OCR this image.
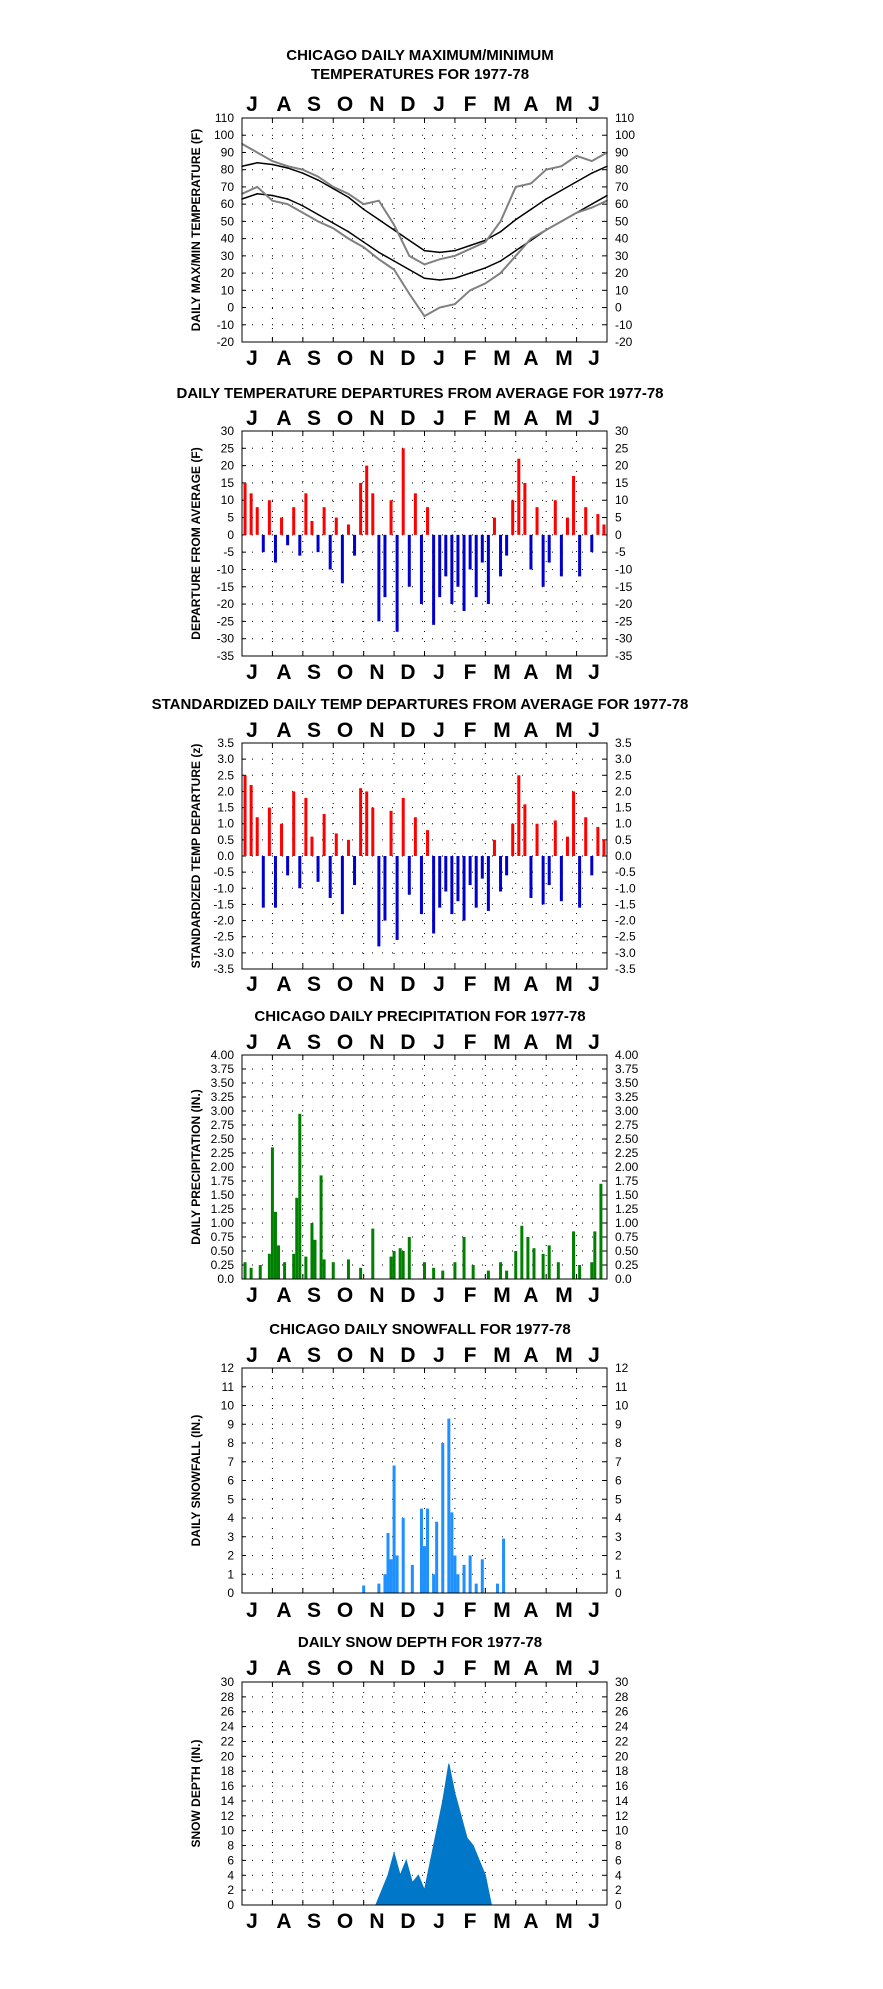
CHICAGO DAILY MAXIMUM/MINIMUM
TEMPERATURES FOR 1977-78
J
J
A
A
S
S
O
O
N
N
D
D
J
J
F
F
M
M
A
A
M
M
J
J
-20	-20
-10	-10
0	0
10	10
20	20
30	30
40	40
50	50
60	60
70	70
80	80
90	90
100	100
110	110
DAILY MAX/MIN TEMPERATURE (F)
DAILY TEMPERATURE DEPARTURES FROM AVERAGE FOR 1977-78
J
J
A
A
S
S
O
O
N
N
D
D
J
J
F
F
M
M
A
A
M
M
J
J
-35	-35
-30	-30
-25	-25
-20	-20
-15	-15
-10	-10
-5	-5
0	0
5	5
10	10
15	15
20	20
25	25
30	30
DEPARTURE FROM AVERAGE (F)
STANDARDIZED DAILY TEMP DEPARTURES FROM AVERAGE FOR 1977-78
J
J
A
A
S
S
O
O
N
N
D
D
J
J
F
F
M
M
A
A
M
M
J
J
-3.5	-3.5
-3.0	-3.0
-2.5	-2.5
-2.0	-2.0
-1.5	-1.5
-1.0	-1.0
-0.5	-0.5
0.0	0.0
0.5	0.5
1.0	1.0
1.5	1.5
2.0	2.0
2.5	2.5
3.0	3.0
3.5	3.5
STANDARDIZED TEMP DEPARTURE (z)
CHICAGO DAILY PRECIPITATION FOR 1977-78
J
J
A
A
S
S
O
O
N
N
D
D
J
J
F
F
M
M
A
A
M
M
J
J
0.0	0.0
0.25	0.25
0.50	0.50
0.75	0.75
1.00	1.00
1.25	1.25
1.50	1.50
1.75	1.75
2.00	2.00
2.25	2.25
2.50	2.50
2.75	2.75
3.00	3.00
3.25	3.25
3.50	3.50
3.75	3.75
4.00	4.00
DAILY PRECIPITATION (IN.)
CHICAGO DAILY SNOWFALL FOR 1977-78
J
J
A
A
S
S
O
O
N
N
D
D
J
J
F
F
M
M
A
A
M
M
J
J
0	0
1	1
2	2
3	3
4	4
5	5
6	6
7	7
8	8
9	9
10	10
11	11
12	12
DAILY SNOWFALL (IN.)
DAILY SNOW DEPTH FOR 1977-78
J
J
A
A
S
S
O
O
N
N
D
D
J
J
F
F
M
M
A
A
M
M
J
J
0	0
2	2
4	4
6	6
8	8
10	10
12	12
14	14
16	16
18	18
20	20
22	22
24	24
26	26
28	28
30	30
SNOW DEPTH (IN.)
